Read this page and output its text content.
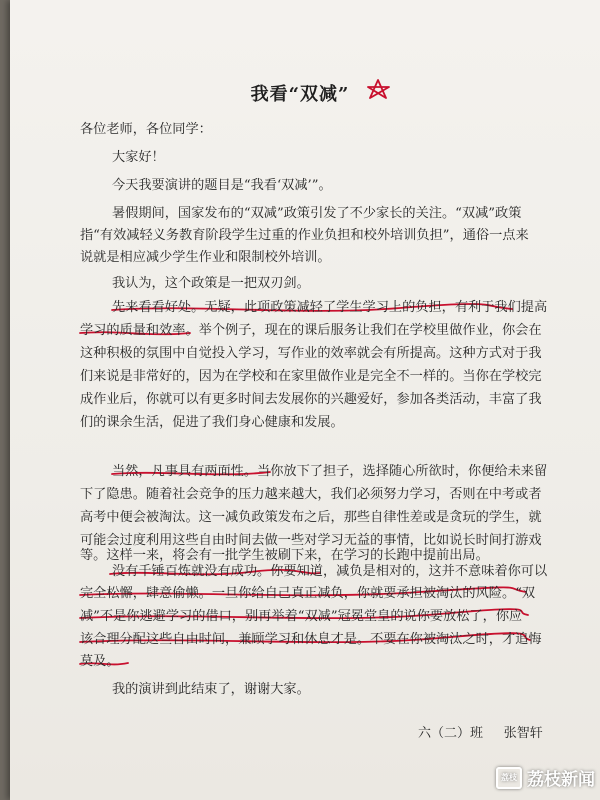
我看“双减”
各位老师，各位同学：
大家好！
今天我要演讲的题目是“我看‘双减’”。
暑假期间，国家发布的“双减”政策引发了不少家长的关注。“双减”政策
指“有效减轻义务教育阶段学生过重的作业负担和校外培训负担”，通俗一点来
说就是相应减少学生作业和限制校外培训。
我认为，这个政策是一把双刃剑。
先来看看好处。无疑，此项政策减轻了学生学习上的负担，有利于我们提高
学习的质量和效率。举个例子，现在的课后服务让我们在学校里做作业，你会在
这种积极的氛围中自觉投入学习，写作业的效率就会有所提高。这种方式对于我
们来说是非常好的，因为在学校和在家里做作业是完全不一样的。当你在学校完
成作业后，你就可以有更多时间去发展你的兴趣爱好，参加各类活动，丰富了我
们的课余生活，促进了我们身心健康和发展。
当然，凡事具有两面性。当你放下了担子，选择随心所欲时，你便给未来留
下了隐患。随着社会竞争的压力越来越大，我们必须努力学习，否则在中考或者
高考中便会被淘汰。这一减负政策发布之后，那些自律性差或是贪玩的学生，就
可能会过度利用这些自由时间去做一些对学习无益的事情，比如说长时间打游戏
等。这样一来，将会有一批学生被刷下来，在学习的长跑中提前出局。
没有千锤百炼就没有成功。你要知道，减负是相对的，这并不意味着你可以
完全松懈，肆意偷懒。一旦你给自己真正减负，你就要承担被淘汰的风险。“双
减”不是你逃避学习的借口，别再举着“双减”冠冕堂皇的说你要放松了，你应
该合理分配这些自由时间，兼顾学习和休息才是。不要在你被淘汰之时，才追悔
莫及。
我的演讲到此结束了，谢谢大家。
六（二）班 张智轩
荔枝 荔枝新闻
